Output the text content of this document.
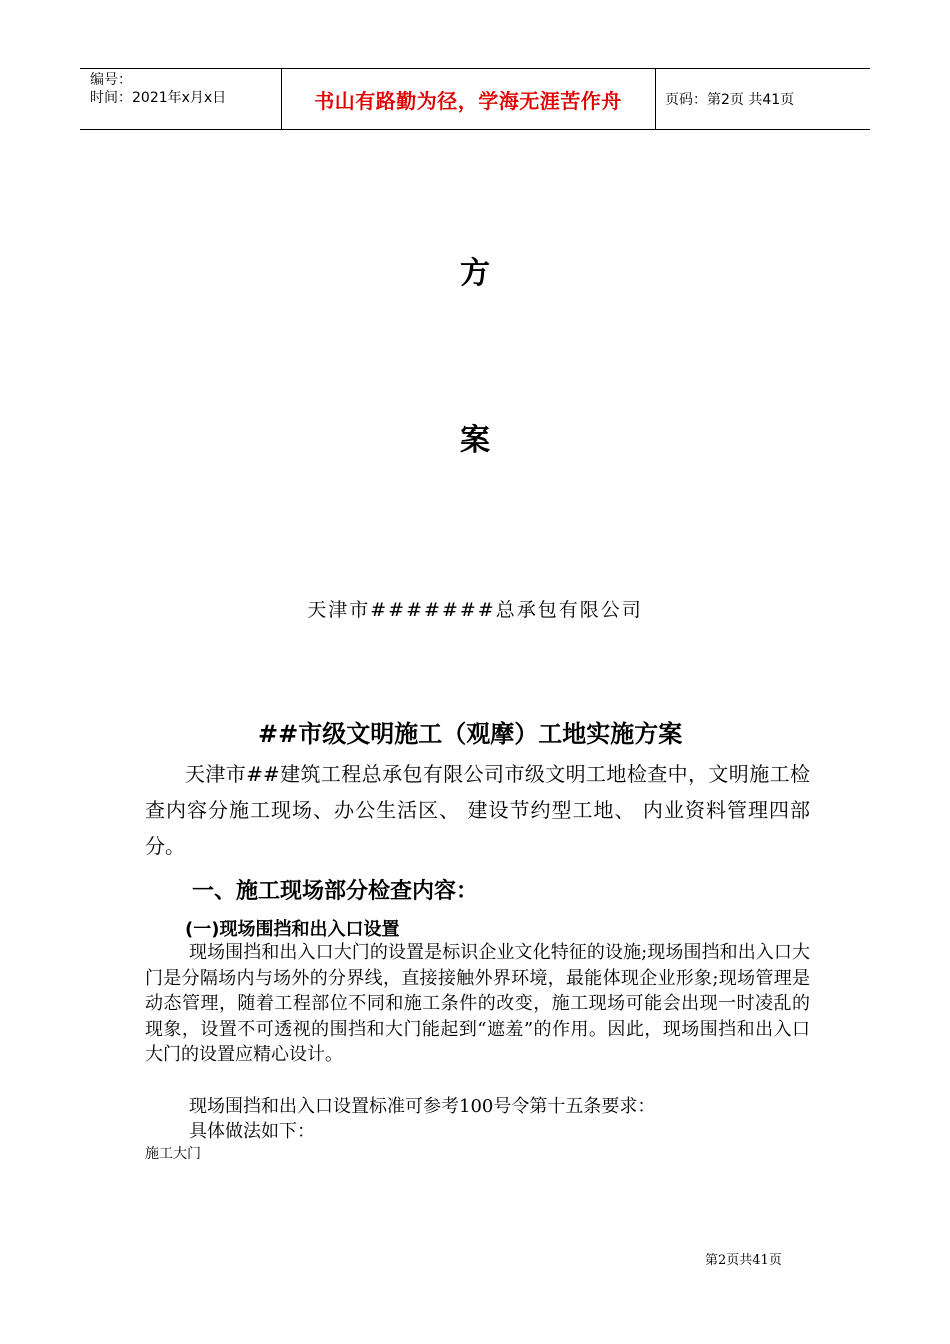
编号：
时间：2021年x月x日	书山有路勤为径，学海无涯苦作舟	页码：第2页 共41页
方
案
天津市#######总承包有限公司
##市级文明施工（观摩）工地实施方案
天津市##建筑工程总承包有限公司市级文明工地检查中，文明施工检查内容分施工现场、办公生活区、 建设节约型工地、 内业资料管理四部分。
一、施工现场部分检查内容：
(一)现场围挡和出入口设置
现场围挡和出入口大门的设置是标识企业文化特征的设施;现场围挡和出入口大门是分隔场内与场外的分界线，直接接触外界环境，最能体现企业形象;现场管理是动态管理，随着工程部位不同和施工条件的改变，施工现场可能会出现一时凌乱的现象，设置不可透视的围挡和大门能起到“遮羞”的作用。因此，现场围挡和出入口大门的设置应精心设计。
现场围挡和出入口设置标准可参考100号令第十五条要求：
具体做法如下：
施工大门
第2页共41页
